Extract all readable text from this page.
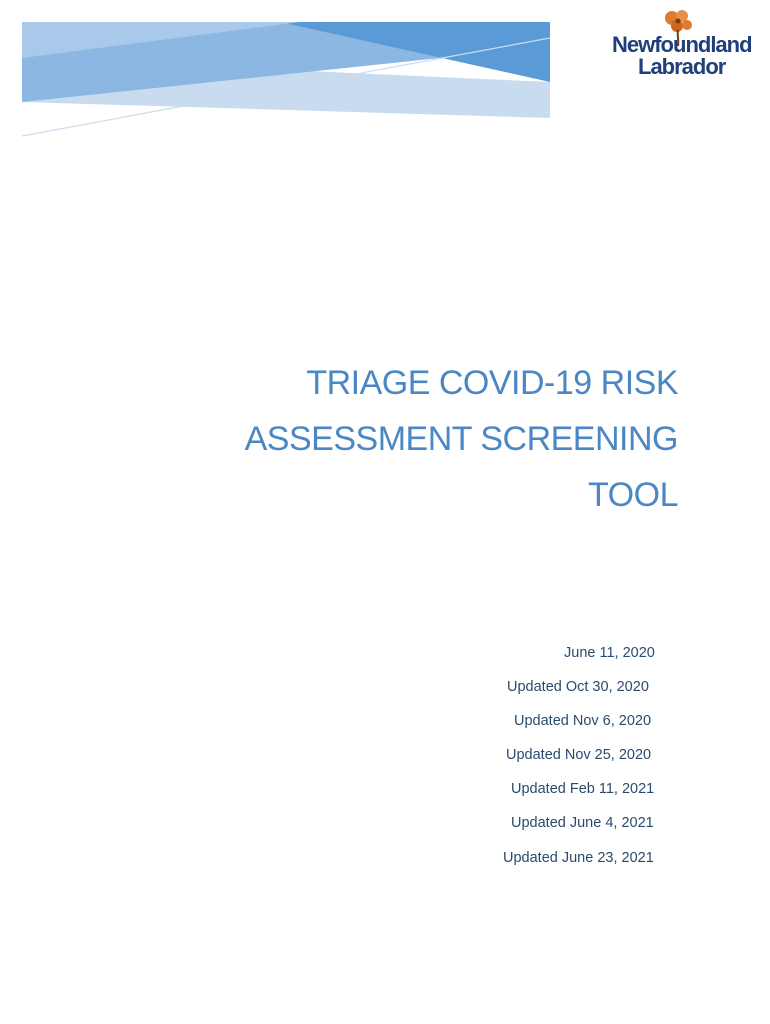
Newfoundland
Labrador
TRIAGE COVID-19 RISK
ASSESSMENT SCREENING
TOOL
June 11, 2020
Updated Oct 30, 2020
Updated Nov 6, 2020
Updated Nov 25, 2020
Updated Feb 11, 2021
Updated June 4, 2021
Updated June 23, 2021
